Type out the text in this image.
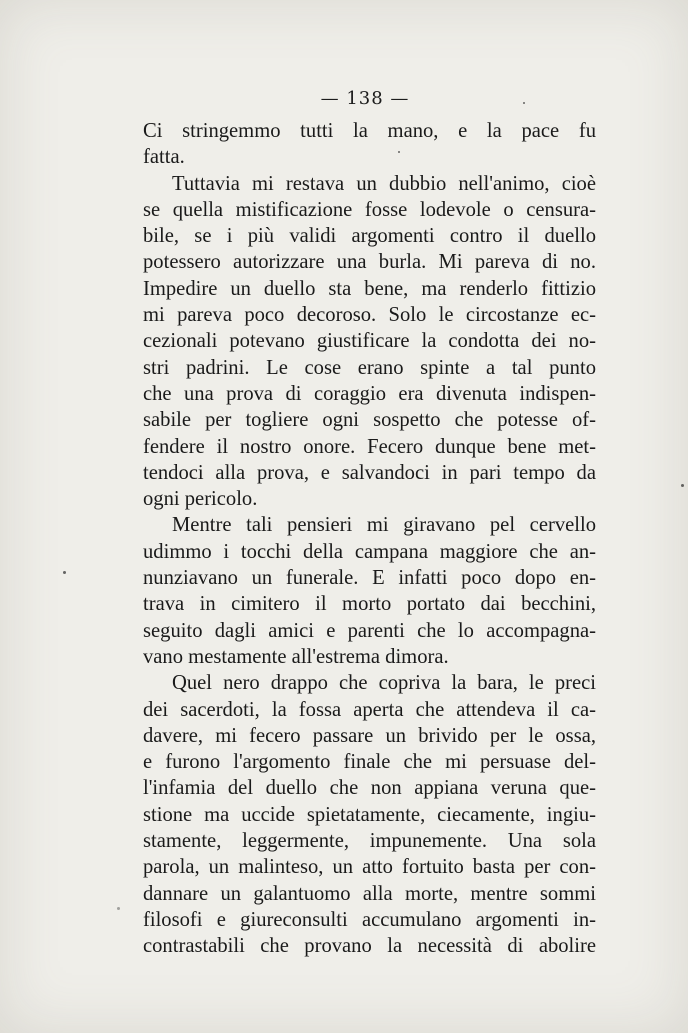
— 138 —
Ci stringemmo tutti la mano, e la pace fu
fatta.
Tuttavia mi restava un dubbio nell'animo, cioè
se quella mistificazione fosse lodevole o censura-
bile, se i più validi argomenti contro il duello
potessero autorizzare una burla. Mi pareva di no.
Impedire un duello sta bene, ma renderlo fittizio
mi pareva poco decoroso. Solo le circostanze ec-
cezionali potevano giustificare la condotta dei no-
stri padrini. Le cose erano spinte a tal punto
che una prova di coraggio era divenuta indispen-
sabile per togliere ogni sospetto che potesse of-
fendere il nostro onore. Fecero dunque bene met-
tendoci alla prova, e salvandoci in pari tempo da
ogni pericolo.
Mentre tali pensieri mi giravano pel cervello
udimmo i tocchi della campana maggiore che an-
nunziavano un funerale. E infatti poco dopo en-
trava in cimitero il morto portato dai becchini,
seguito dagli amici e parenti che lo accompagna-
vano mestamente all'estrema dimora.
Quel nero drappo che copriva la bara, le preci
dei sacerdoti, la fossa aperta che attendeva il ca-
davere, mi fecero passare un brivido per le ossa,
e furono l'argomento finale che mi persuase del-
l'infamia del duello che non appiana veruna que-
stione ma uccide spietatamente, ciecamente, ingiu-
stamente, leggermente, impunemente. Una sola
parola, un malinteso, un atto fortuito basta per con-
dannare un galantuomo alla morte, mentre sommi
filosofi e giureconsulti accumulano argomenti in-
contrastabili che provano la necessità di abolire
